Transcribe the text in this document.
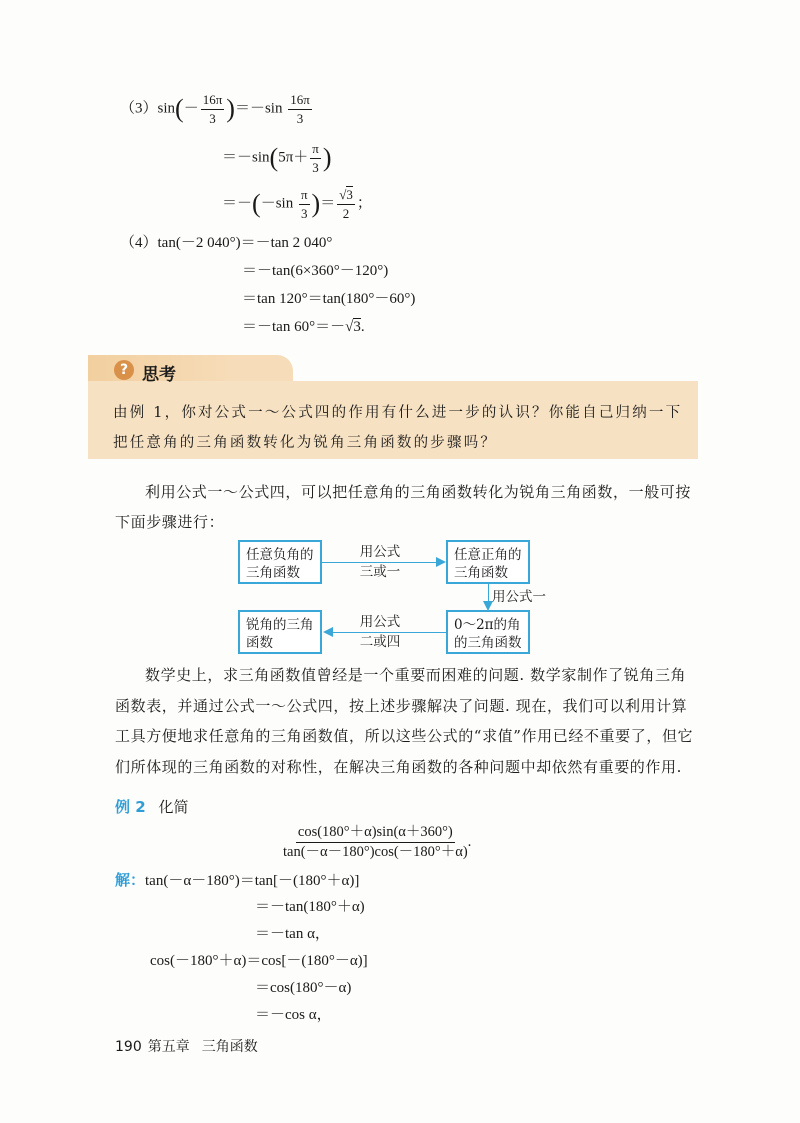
$(3)\sin(- \frac{16\pi}{3} )=-\sin \frac{16\pi}{3}$
$=-\sin(5\pi+ \frac{\pi}{3}$ )
$=-(-\sin \frac{\pi}{3}$ )＝ $\frac{√3}{2}$ ；
（4）tan(－2 040°)＝－tan 2 040°
＝－tan(6×360°－120°)
＝tan 120°＝tan(180°－60°)
＝－tan 60°＝－√3.
? 思考
由例 1，你对公式一～公式四的作用有什么进一步的认识？你能自己归纳一下把任意角的三角函数转化为锐角三角函数的步骤吗？
利用公式一～公式四，可以把任意角的三角函数转化为锐角三角函数，一般可按下面步骤进行：
任意负角的三角函数
任意正角的三角函数
0～2π的角的三角函数
锐角的三角函数
用公式
三或一
用公式一
用公式
二或四
数学史上，求三角函数值曾经是一个重要而困难的问题. 数学家制作了锐角三角函数表，并通过公式一～公式四，按上述步骤解决了问题. 现在，我们可以利用计算工具方便地求任意角的三角函数值，所以这些公式的“求值”作用已经不重要了，但它们所体现的三角函数的对称性，在解决三角函数的各种问题中却依然有重要的作用.
例 2 化简
$\frac{\cos(180^\circ+\alpha)\sin(\alpha+360^\circ)}{\tan(-\alpha-180^\circ)\cos(-180^\circ+\alpha)}$ .
解：tan(－α－180°)＝tan[－(180°＋α)]
＝－tan(180°＋α)
＝－tan α，
cos(－180°＋α)＝cos[－(180°－α)]
＝cos(180°－α)
＝－cos α，
190 第五章 三角函数
